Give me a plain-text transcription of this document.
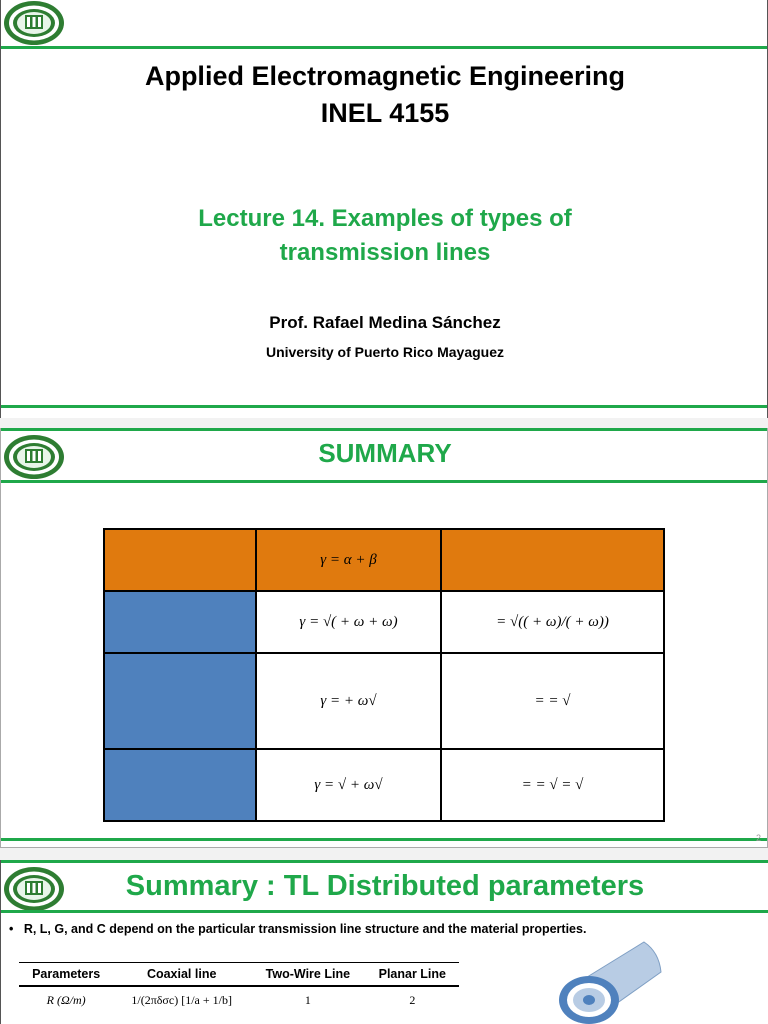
Applied Electromagnetic Engineering
INEL 4155
Lecture 14. Examples of types of
transmission lines
Prof. Rafael Medina Sánchez
University of Puerto Rico Mayaguez
SUMMARY
	γ = α + β	
	γ = √( + ω + ω)	= √(( + ω)/( + ω))
	γ = + ω√	= = √
	γ = √ + ω√	= = √ = √
2
Summary : TL Distributed parameters
• R, L, G, and C depend on the particular transmission line structure and the material properties.
Parameters	Coaxial line	Two-Wire Line	Planar Line
R (Ω/m)	1/(2πδσc) [1/a + 1/b]	1	2
